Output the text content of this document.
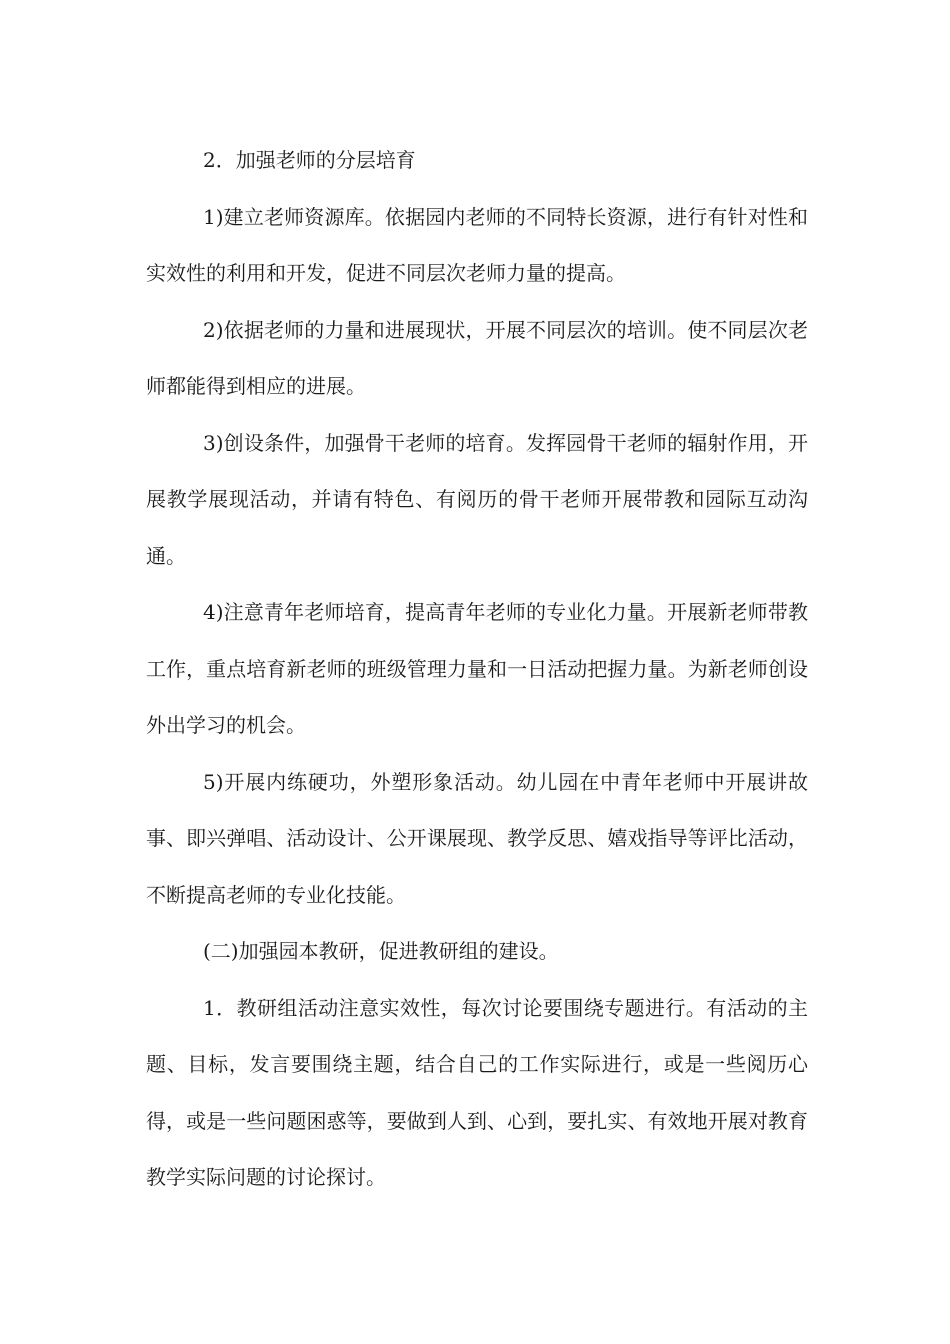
2．加强老师的分层培育

1)建立老师资源库。依据园内老师的不同特长资源，进行有针对性和实效性的利用和开发，促进不同层次老师力量的提高。

2)依据老师的力量和进展现状，开展不同层次的培训。使不同层次老师都能得到相应的进展。

3)创设条件，加强骨干老师的培育。发挥园骨干老师的辐射作用，开展教学展现活动，并请有特色、有阅历的骨干老师开展带教和园际互动沟通。

4)注意青年老师培育，提高青年老师的专业化力量。开展新老师带教工作，重点培育新老师的班级管理力量和一日活动把握力量。为新老师创设外出学习的机会。

5)开展内练硬功，外塑形象活动。幼儿园在中青年老师中开展讲故事、即兴弹唱、活动设计、公开课展现、教学反思、嬉戏指导等评比活动，不断提高老师的专业化技能。

(二)加强园本教研，促进教研组的建设。

1．教研组活动注意实效性，每次讨论要围绕专题进行。有活动的主题、目标，发言要围绕主题，结合自己的工作实际进行，或是一些阅历心得，或是一些问题困惑等，要做到人到、心到，要扎实、有效地开展对教育教学实际问题的讨论探讨。
